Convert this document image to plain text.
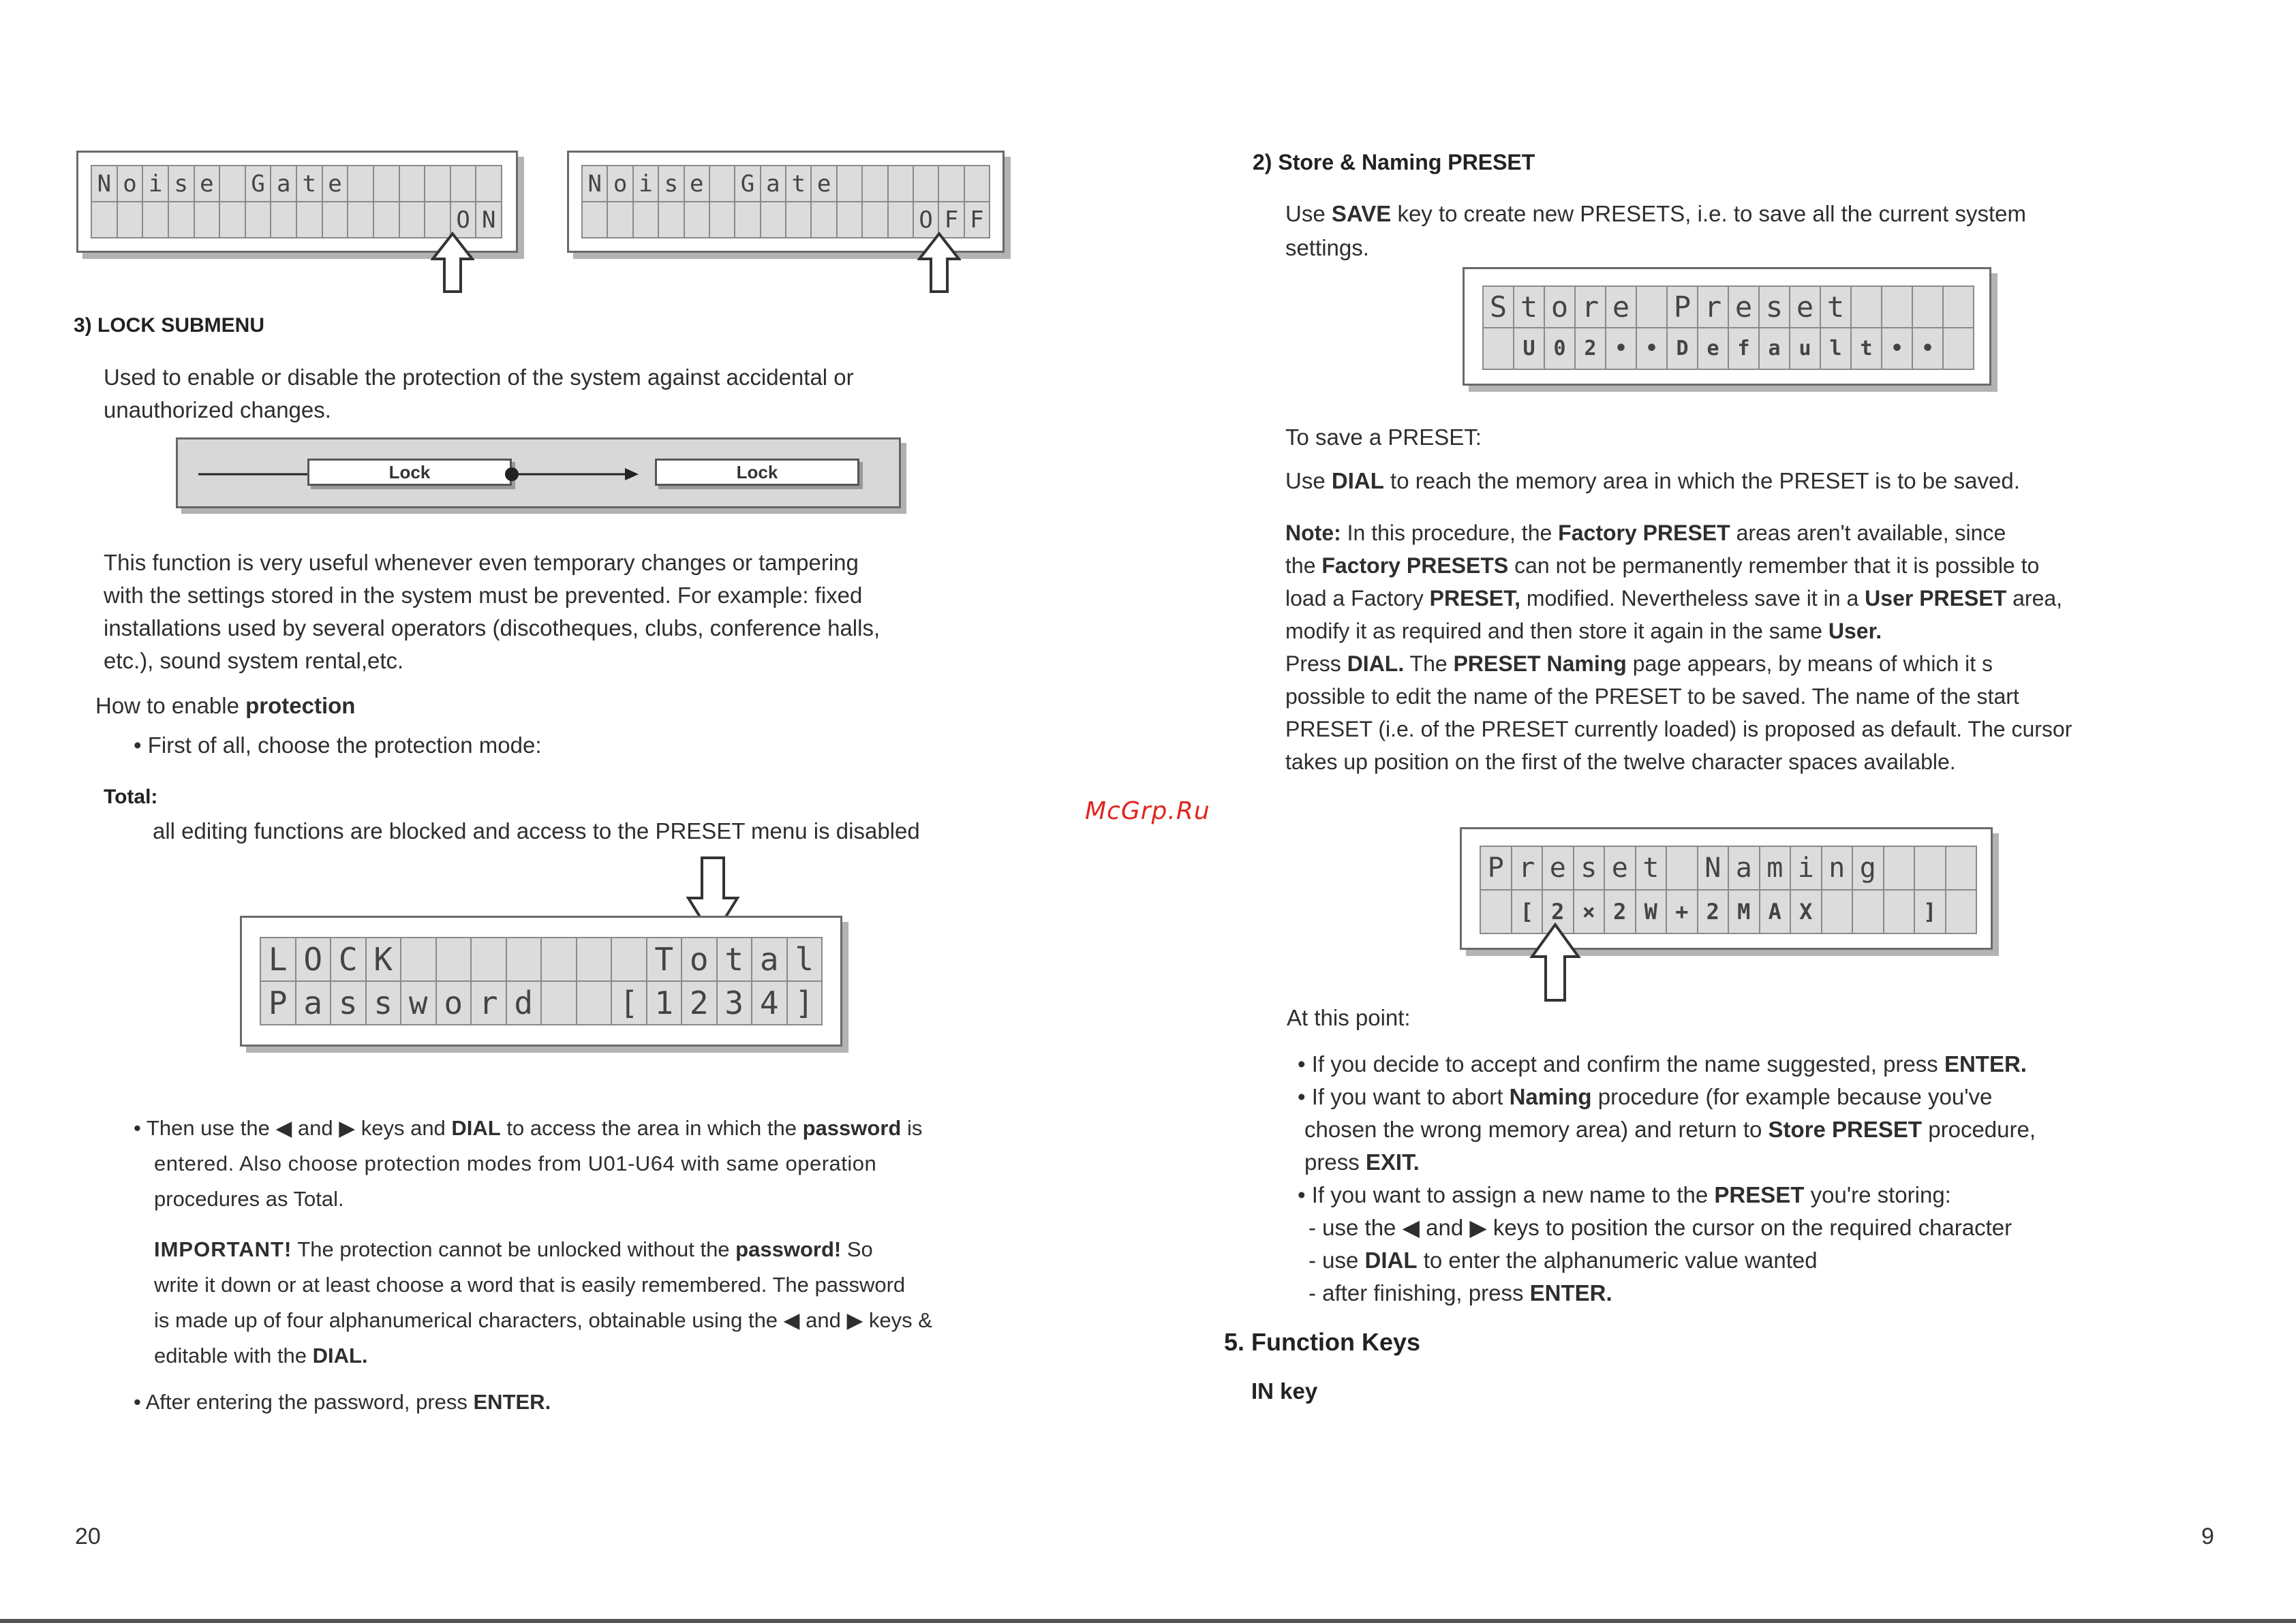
N o i s e G a t e
O N
N o i s e G a t e
O F F
3) LOCK SUBMENU
Used to enable or disable the protection of the system against accidental or
unauthorized changes.
Lock	Lock
This function is very useful whenever even temporary changes or tampering
with the settings stored in the system must be prevented. For example: fixed
installations used by several operators (discotheques, clubs, conference halls,
etc.), sound system rental,etc.
How to enable protection
• First of all, choose the protection mode:
Total:
all editing functions are blocked and access to the PRESET menu is disabled
L O C K	T o t a l
P a s s w o r d	[ 1 2 3 4 ]
• Then use the ◀ and ▶ keys and DIAL to access the area in which the password is
entered. Also choose protection modes from U01-U64 with same operation
procedures as Total.
IMPORTANT! The protection cannot be unlocked without the password! So
write it down or at least choose a word that is easily remembered. The password
is made up of four alphanumerical characters, obtainable using the ◀ and ▶ keys &
editable with the DIAL.
• After entering the password, press ENTER.
20
McGrp.Ru
2) Store & Naming PRESET
Use SAVE key to create new PRESETS, i.e. to save all the current system
settings.
S t o r e P r e s e t
U 0 2 • • D e f a u l t • •
To save a PRESET:
Use DIAL to reach the memory area in which the PRESET is to be saved.
Note: In this procedure, the Factory PRESET areas aren't available, since
the Factory PRESETS can not be permanently remember that it is possible to
load a Factory PRESET, modified. Nevertheless save it in a User PRESET area,
modify it as required and then store it again in the same User.
Press DIAL. The PRESET Naming page appears, by means of which it s
possible to edit the name of the PRESET to be saved. The name of the start
PRESET (i.e. of the PRESET currently loaded) is proposed as default. The cursor
takes up position on the first of the twelve character spaces available.
P r e s e t N a m i n g
[ 2 × 2 W + 2 M A X	]
At this point:
• If you decide to accept and confirm the name suggested, press ENTER.
• If you want to abort Naming procedure (for example because you've
chosen the wrong memory area) and return to Store PRESET procedure,
press EXIT.
• If you want to assign a new name to the PRESET you're storing:
- use the ◀ and ▶ keys to position the cursor on the required character
- use DIAL to enter the alphanumeric value wanted
- after finishing, press ENTER.
5. Function Keys
IN key
9
